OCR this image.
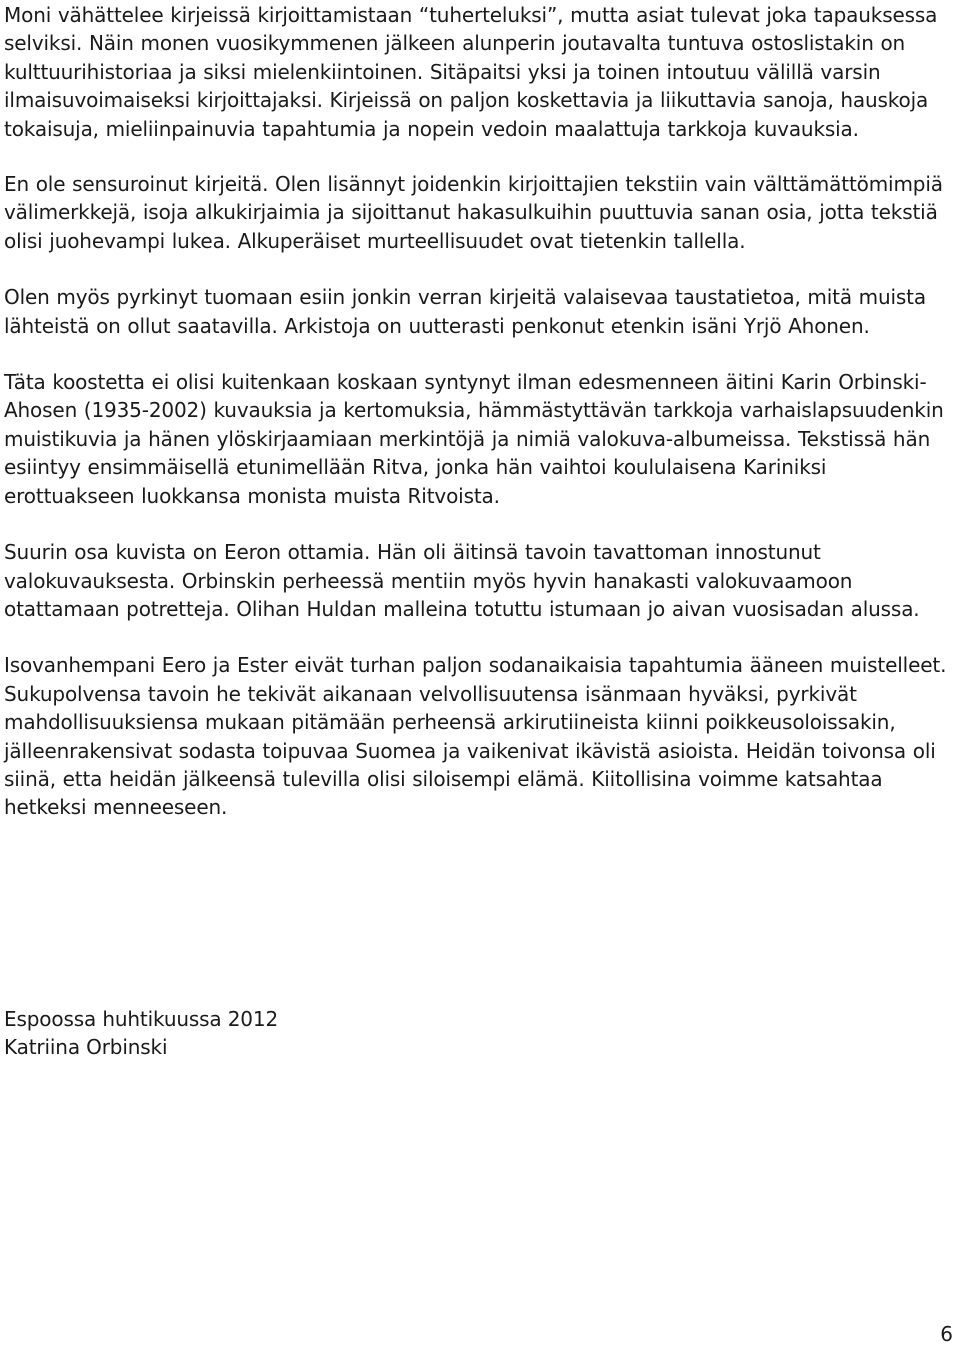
Moni vähättelee kirjeissä kirjoittamistaan “tuherteluksi”, mutta asiat tulevat joka tapauksessa selviksi. Näin monen vuosikymmenen jälkeen alunperin joutavalta tuntuva ostoslistakin on kulttuurihistoriaa ja siksi mielenkiintoinen. Sitäpaitsi yksi ja toinen intoutuu välillä varsin ilmaisuvoimaiseksi kirjoittajaksi. Kirjeissä on paljon koskettavia ja liikuttavia sanoja, hauskoja tokaisuja, mieliinpainuvia tapahtumia ja nopein vedoin maalattuja tarkkoja kuvauksia.

En ole sensuroinut kirjeitä. Olen lisännyt joidenkin kirjoittajien tekstiin vain välttämättömimpiä välimerkkejä, isoja alkukirjaimia ja sijoittanut hakasulkuihin puuttuvia sanan osia, jotta tekstiä olisi juohevampi lukea. Alkuperäiset murteellisuudet ovat tietenkin tallella.

Olen myös pyrkinyt tuomaan esiin jonkin verran kirjeitä valaisevaa taustatietoa, mitä muista lähteistä on ollut saatavilla. Arkistoja on uutterasti penkonut etenkin isäni Yrjö Ahonen.

Täta koostetta ei olisi kuitenkaan koskaan syntynyt ilman edesmenneen äitini Karin Orbinski-Ahosen (1935-2002) kuvauksia ja kertomuksia, hämmästyttävän tarkkoja varhaislapsuudenkin muistikuvia ja hänen ylöskirjaamiaan merkintöjä ja nimiä valokuva-albumeissa. Tekstissä hän esiintyy ensimmäisellä etunimellään Ritva, jonka hän vaihtoi koululaisena Kariniksi erottuakseen luokkansa monista muista Ritvoista.

Suurin osa kuvista on Eeron ottamia. Hän oli äitinsä tavoin tavattoman innostunut valokuvauksesta. Orbinskin perheessä mentiin myös hyvin hanakasti valokuvaamoon otattamaan potretteja. Olihan Huldan malleina totuttu istumaan jo aivan vuosisadan alussa.

Isovanhempani Eero ja Ester eivät turhan paljon sodanaikaisia tapahtumia ääneen muistelleet. Sukupolvensa tavoin he tekivät aikanaan velvollisuutensa isänmaan hyväksi, pyrkivät mahdollisuuksiensa mukaan pitämään perheensä arkirutiineista kiinni poikkeusoloissakin, jälleenrakensivat sodasta toipuvaa Suomea ja vaikenivat ikävistä asioista. Heidän toivonsa oli siinä, etta heidän jälkeensä tulevilla olisi siloisempi elämä. Kiitollisina voimme katsahtaa hetkeksi menneeseen.

Espoossa huhtikuussa 2012
Katriina Orbinski
6
